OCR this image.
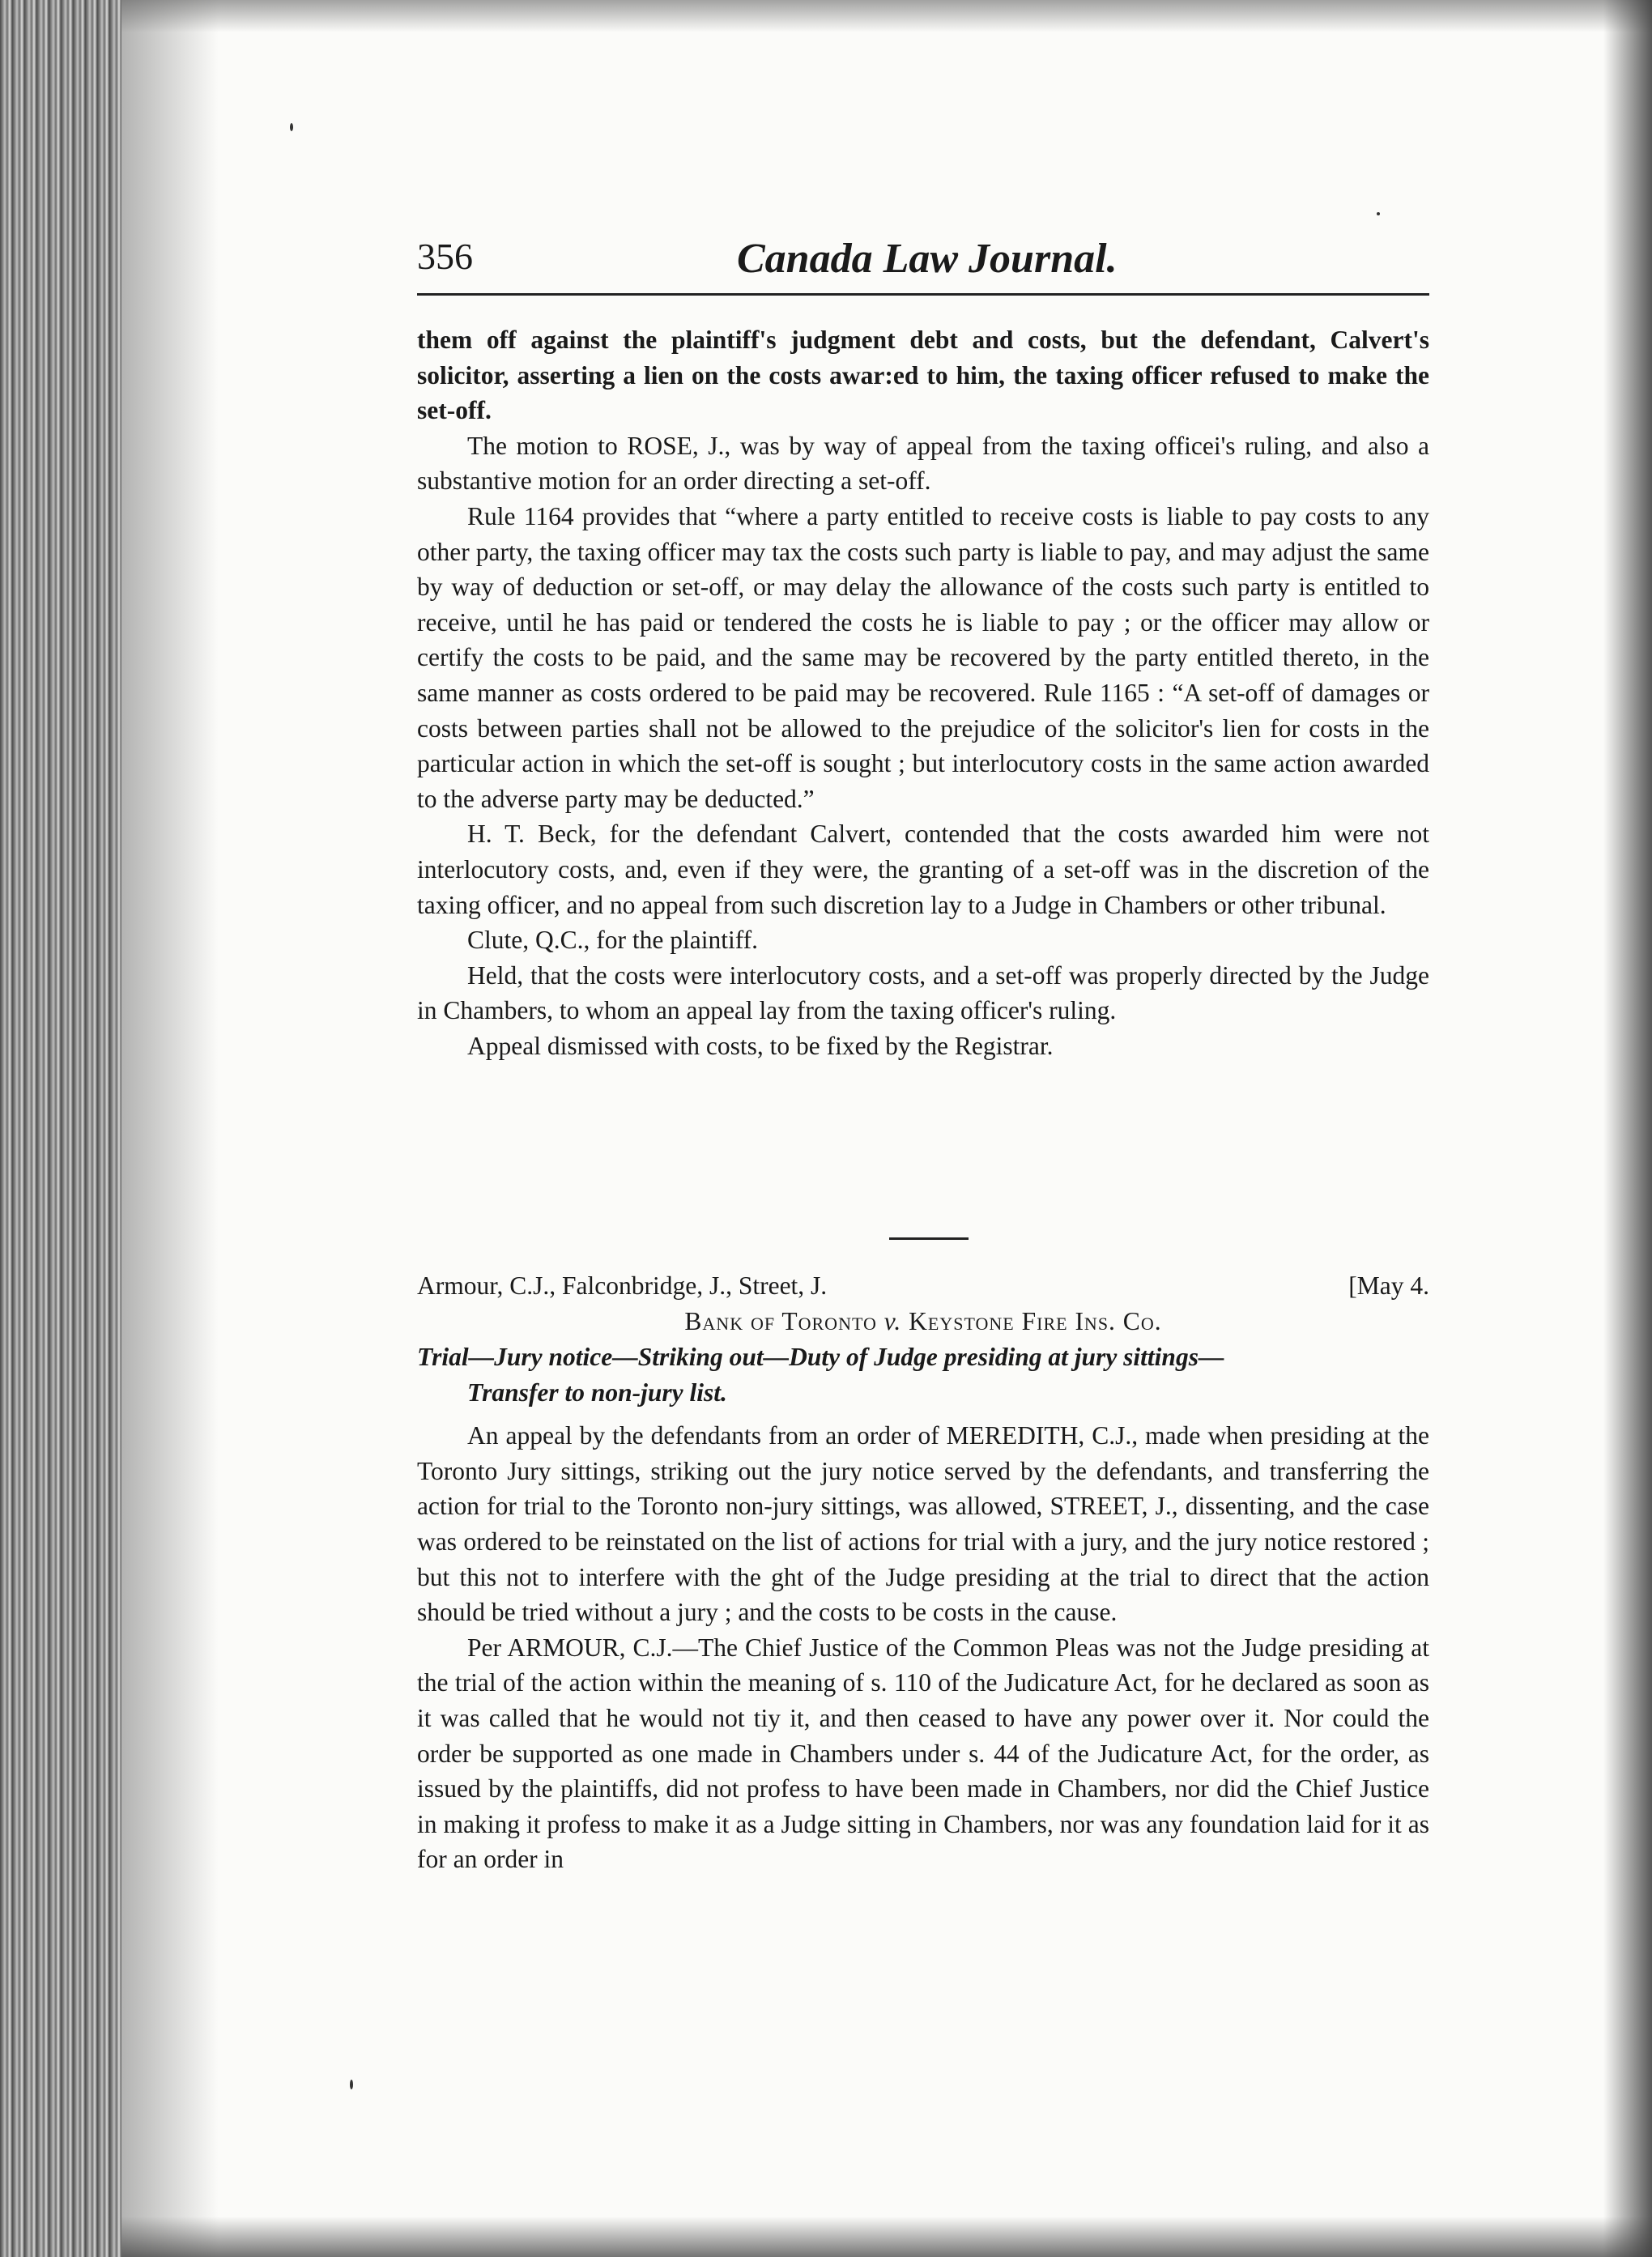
356	Canada Law Journal.

them off against the plaintiff's judgment debt and costs, but the defendant, Calvert's solicitor, asserting a lien on the costs awar:ed to him, the taxing officer refused to make the set-off.

The motion to ROSE, J., was by way of appeal from the taxing officei's ruling, and also a substantive motion for an order directing a set-off.

Rule 1164 provides that “where a party entitled to receive costs is liable to pay costs to any other party, the taxing officer may tax the costs such party is liable to pay, and may adjust the same by way of deduction or set-off, or may delay the allowance of the costs such party is entitled to receive, until he has paid or tendered the costs he is liable to pay ; or the officer may allow or certify the costs to be paid, and the same may be recovered by the party entitled thereto, in the same manner as costs ordered to be paid may be recovered. Rule 1165 : “A set-off of damages or costs between parties shall not be allowed to the prejudice of the solicitor's lien for costs in the particular action in which the set-off is sought ; but interlocutory costs in the same action awarded to the adverse party may be deducted.”

H. T. Beck, for the defendant Calvert, contended that the costs awarded him were not interlocutory costs, and, even if they were, the granting of a set-off was in the discretion of the taxing officer, and no appeal from such discretion lay to a Judge in Chambers or other tribunal.

Clute, Q.C., for the plaintiff.

Held, that the costs were interlocutory costs, and a set-off was properly directed by the Judge in Chambers, to whom an appeal lay from the taxing officer's ruling.

Appeal dismissed with costs, to be fixed by the Registrar.

Armour, C.J., Falconbridge, J., Street, J.	[May 4.
Bank of Toronto v. Keystone Fire Ins. Co.
Trial—Jury notice—Striking out—Duty of Judge presiding at jury sittings—
Transfer to non-jury list.

An appeal by the defendants from an order of MEREDITH, C.J., made when presiding at the Toronto Jury sittings, striking out the jury notice served by the defendants, and transferring the action for trial to the Toronto non-jury sittings, was allowed, STREET, J., dissenting, and the case was ordered to be reinstated on the list of actions for trial with a jury, and the jury notice restored ; but this not to interfere with the ght of the Judge presiding at the trial to direct that the action should be tried without a jury ; and the costs to be costs in the cause.

Per ARMOUR, C.J.—The Chief Justice of the Common Pleas was not the Judge presiding at the trial of the action within the meaning of s. 110 of the Judicature Act, for he declared as soon as it was called that he would not tiy it, and then ceased to have any power over it. Nor could the order be supported as one made in Chambers under s. 44 of the Judicature Act, for the order, as issued by the plaintiffs, did not profess to have been made in Chambers, nor did the Chief Justice in making it profess to make it as a Judge sitting in Chambers, nor was any foundation laid for it as for an order in
